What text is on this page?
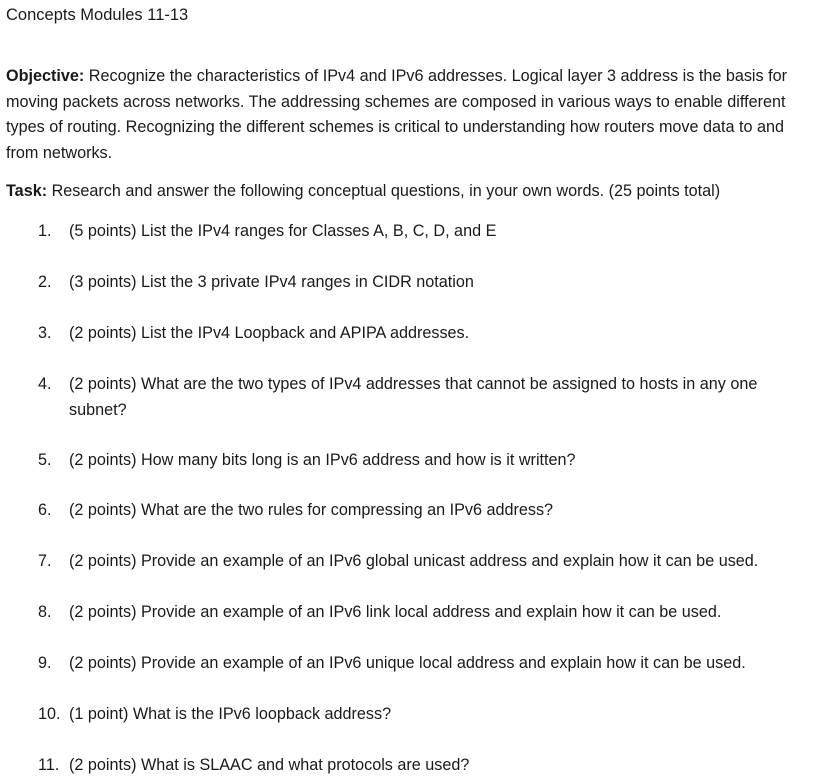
Concepts Modules 11-13
Objective: Recognize the characteristics of IPv4 and IPv6 addresses. Logical layer 3 address is the basis for moving packets across networks. The addressing schemes are composed in various ways to enable different types of routing. Recognizing the different schemes is critical to understanding how routers move data to and from networks.
Task: Research and answer the following conceptual questions, in your own words. (25 points total)
1.	(5 points) List the IPv4 ranges for Classes A, B, C, D, and E
2.	(3 points) List the 3 private IPv4 ranges in CIDR notation
3.	(2 points) List the IPv4 Loopback and APIPA addresses.
4.	(2 points) What are the two types of IPv4 addresses that cannot be assigned to hosts in any one subnet?
5.	(2 points) How many bits long is an IPv6 address and how is it written?
6.	(2 points) What are the two rules for compressing an IPv6 address?
7.	(2 points) Provide an example of an IPv6 global unicast address and explain how it can be used.
8.	(2 points) Provide an example of an IPv6 link local address and explain how it can be used.
9.	(2 points) Provide an example of an IPv6 unique local address and explain how it can be used.
10. (1 point) What is the IPv6 loopback address?
11. (2 points) What is SLAAC and what protocols are used?
